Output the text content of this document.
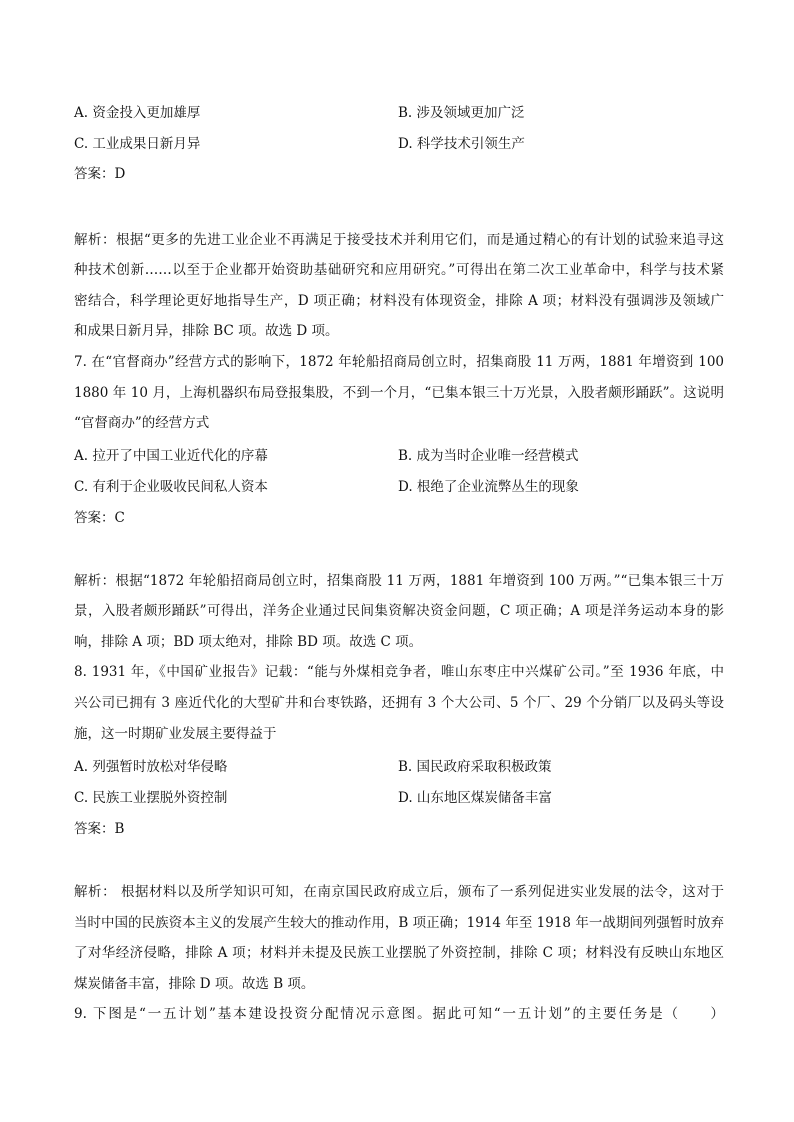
A. 资金投入更加雄厚	B. 涉及领域更加广泛
C. 工业成果日新月异	D. 科学技术引领生产
答案：D
解析：根据“更多的先进工业企业不再满足于接受技术并利用它们，而是通过精心的有计划的试验来追寻这
种技术创新……以至于企业都开始资助基础研究和应用研究。”可得出在第二次工业革命中，科学与技术紧
密结合，科学理论更好地指导生产，D 项正确；材料没有体现资金，排除 A 项；材料没有强调涉及领域广
和成果日新月异，排除 BC 项。故选 D 项。
7. 在“官督商办”经营方式的影响下，1872 年轮船招商局创立时，招集商股 11 万两，1881 年增资到 100
1880 年 10 月，上海机器织布局登报集股，不到一个月，“已集本银三十万光景，入股者颇形踊跃”。这说明
“官督商办”的经营方式
A. 拉开了中国工业近代化的序幕	B. 成为当时企业唯一经营模式
C. 有利于企业吸收民间私人资本	D. 根绝了企业流弊丛生的现象
答案：C
解析：根据“1872 年轮船招商局创立时，招集商股 11 万两，1881 年增资到 100 万两。”“已集本银三十万
景，入股者颇形踊跃”可得出，洋务企业通过民间集资解决资金问题，C 项正确；A 项是洋务运动本身的影
响，排除 A 项；BD 项太绝对，排除 BD 项。故选 C 项。
8. 1931 年，《中国矿业报告》记载：“能与外煤相竞争者，唯山东枣庄中兴煤矿公司。”至 1936 年底，中
兴公司已拥有 3 座近代化的大型矿井和台枣铁路，还拥有 3 个大公司、5 个厂、29 个分销厂以及码头等设
施，这一时期矿业发展主要得益于
A. 列强暂时放松对华侵略	B. 国民政府采取积极政策
C. 民族工业摆脱外资控制	D. 山东地区煤炭储备丰富
答案：B
解析： 根据材料以及所学知识可知，在南京国民政府成立后，颁布了一系列促进实业发展的法令，这对于
当时中国的民族资本主义的发展产生较大的推动作用，B 项正确；1914 年至 1918 年一战期间列强暂时放弃
了对华经济侵略，排除 A 项；材料并未提及民族工业摆脱了外资控制，排除 C 项；材料没有反映山东地区
煤炭储备丰富，排除 D 项。故选 B 项。
9. 下图是“一五计划”基本建设投资分配情况示意图。据此可知“一五计划”的主要任务是（　　）
